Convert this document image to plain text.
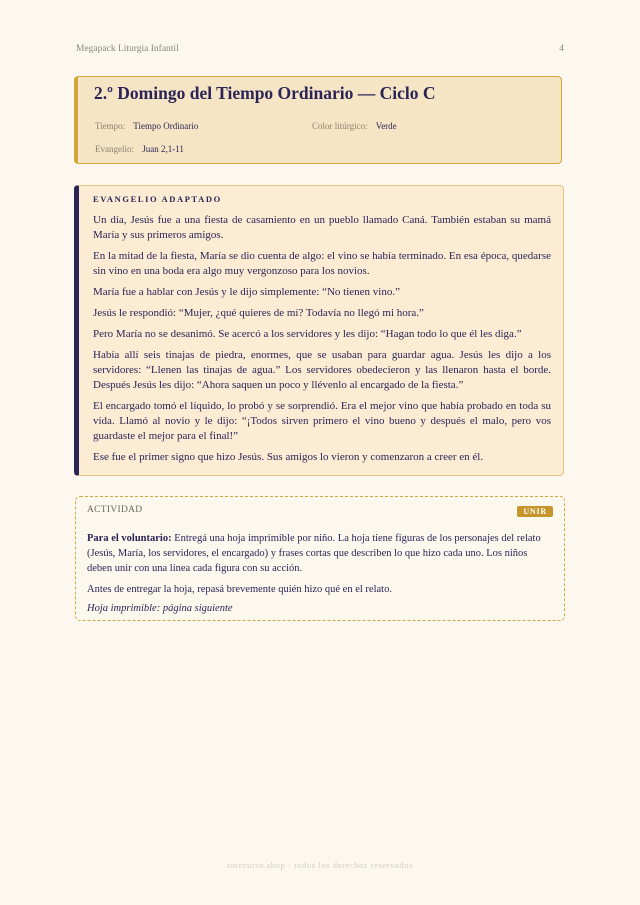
Megapack Liturgia Infantil	4
2.º Domingo del Tiempo Ordinario — Ciclo C
Tiempo: Tiempo Ordinario	Color litúrgico: Verde
Evangelio: Juan 2,1-11
EVANGELIO ADAPTADO

Un día, Jesús fue a una fiesta de casamiento en un pueblo llamado Caná. También estaban su mamá María y sus primeros amigos.

En la mitad de la fiesta, María se dio cuenta de algo: el vino se había terminado. En esa época, quedarse sin vino en una boda era algo muy vergonzoso para los novios.

María fue a hablar con Jesús y le dijo simplemente: “No tienen vino.”

Jesús le respondió: “Mujer, ¿qué quieres de mí? Todavía no llegó mi hora.”

Pero María no se desanimó. Se acercó a los servidores y les dijo: “Hagan todo lo que él les diga.”

Había allí seis tinajas de piedra, enormes, que se usaban para guardar agua. Jesús les dijo a los servidores: “Llenen las tinajas de agua.” Los servidores obedecieron y las llenaron hasta el borde. Después Jesús les dijo: “Ahora saquen un poco y llévenlo al encargado de la fiesta.”

El encargado tomó el líquido, lo probó y se sorprendió. Era el mejor vino que había probado en toda su vida. Llamó al novio y le dijo: “¡Todos sirven primero el vino bueno y después el malo, pero vos guardaste el mejor para el final!”

Ese fue el primer signo que hizo Jesús. Sus amigos lo vieron y comenzaron a creer en él.

ACTIVIDAD	UNIR

Para el voluntario: Entregá una hoja imprimible por niño. La hoja tiene figuras de los personajes del relato (Jesús, María, los servidores, el encargado) y frases cortas que describen lo que hizo cada uno. Los niños deben unir con una línea cada figura con su acción.

Antes de entregar la hoja, repasá brevemente quién hizo qué en el relato.

Hoja imprimible: página siguiente

turecurso.shop · todos los derechos reservados
